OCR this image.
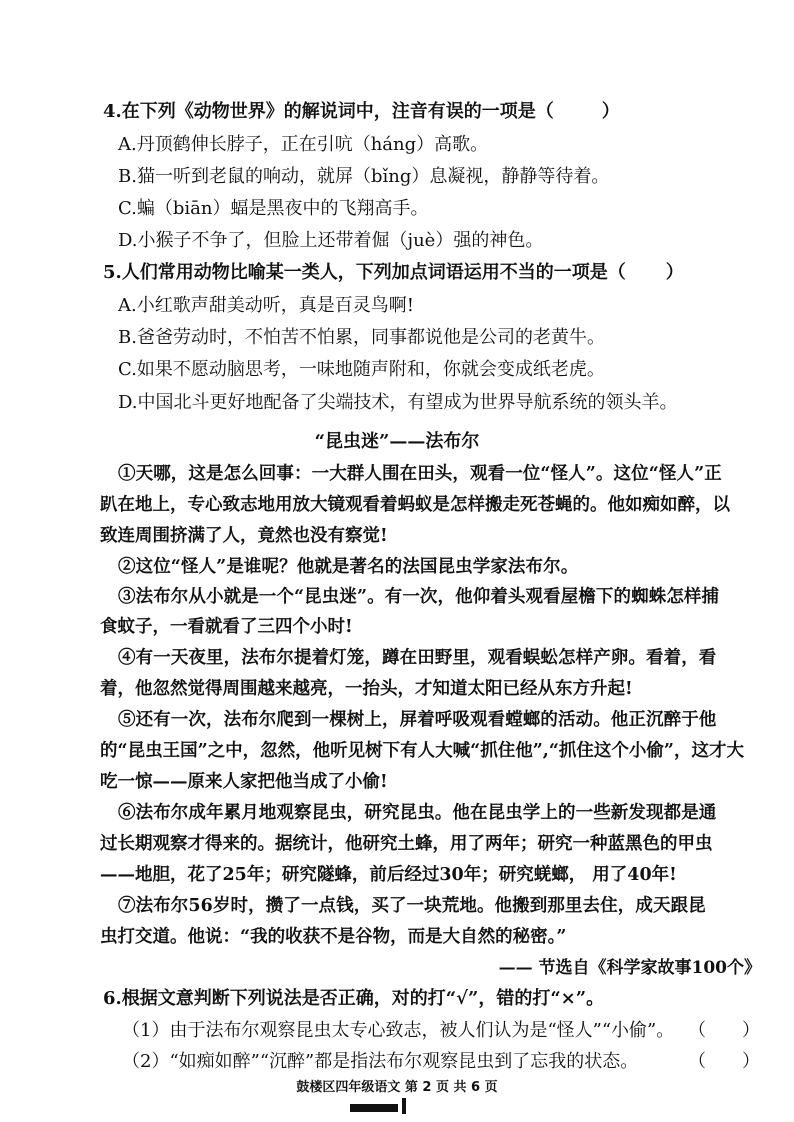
4.在下列《动物世界》的解说词中，注音有误的一项是（	）
A.丹顶鹤伸长脖子，正在引吭（háng）高歌。
B.猫一听到老鼠的响动，就屏（bǐng）息凝视，静静等待着。
C.蝙（biān）蝠是黑夜中的飞翔高手。
D.小猴子不争了，但脸上还带着倔（juè）强的神色。
5.人们常用动物比喻某一类人，下列加点词语运用不当的一项是（ ）
A.小红歌声甜美动听，真是百灵鸟啊!
B.爸爸劳动时，不怕苦不怕累，同事都说他是公司的老黄牛。
C.如果不愿动脑思考，一味地随声附和，你就会变成纸老虎。
D.中国北斗更好地配备了尖端技术，有望成为世界导航系统的领头羊。
“昆虫迷”——法布尔
①天哪，这是怎么回事：一大群人围在田头，观看一位“怪人”。这位“怪人”正
趴在地上，专心致志地用放大镜观看着蚂蚁是怎样搬走死苍蝇的。他如痴如醉，以
致连周围挤满了人，竟然也没有察觉!
②这位“怪人”是谁呢？他就是著名的法国昆虫学家法布尔。
③法布尔从小就是一个“昆虫迷”。有一次，他仰着头观看屋檐下的蜘蛛怎样捕
食蚊子，一看就看了三四个小时!
④有一天夜里，法布尔提着灯笼，蹲在田野里，观看蜈蚣怎样产卵。看着，看
着，他忽然觉得周围越来越亮，一抬头，才知道太阳已经从东方升起!
⑤还有一次，法布尔爬到一棵树上，屏着呼吸观看螳螂的活动。他正沉醉于他
的“昆虫王国”之中，忽然，他听见树下有人大喊“抓住他”,“抓住这个小偷”，这才大
吃一惊——原来人家把他当成了小偷!
⑥法布尔成年累月地观察昆虫，研究昆虫。他在昆虫学上的一些新发现都是通
过长期观察才得来的。据统计，他研究土蜂，用了两年；研究一种蓝黑色的甲虫
——地胆，花了25年；研究隧蜂，前后经过30年；研究蜣螂， 用了40年!
⑦法布尔56岁时，攒了一点钱，买了一块荒地。他搬到那里去住，成天跟昆
虫打交道。他说：“我的收获不是谷物，而是大自然的秘密。”
—— 节选自《科学家故事100个》
6.根据文意判断下列说法是否正确，对的打“√”，错的打“×”。
（1）由于法布尔观察昆虫太专心致志，被人们认为是“怪人”“小偷”。 （　　）
（2）“如痴如醉”“沉醉”都是指法布尔观察昆虫到了忘我的状态。	（　　）
鼓楼区四年级语文 第 2 页 共 6 页
